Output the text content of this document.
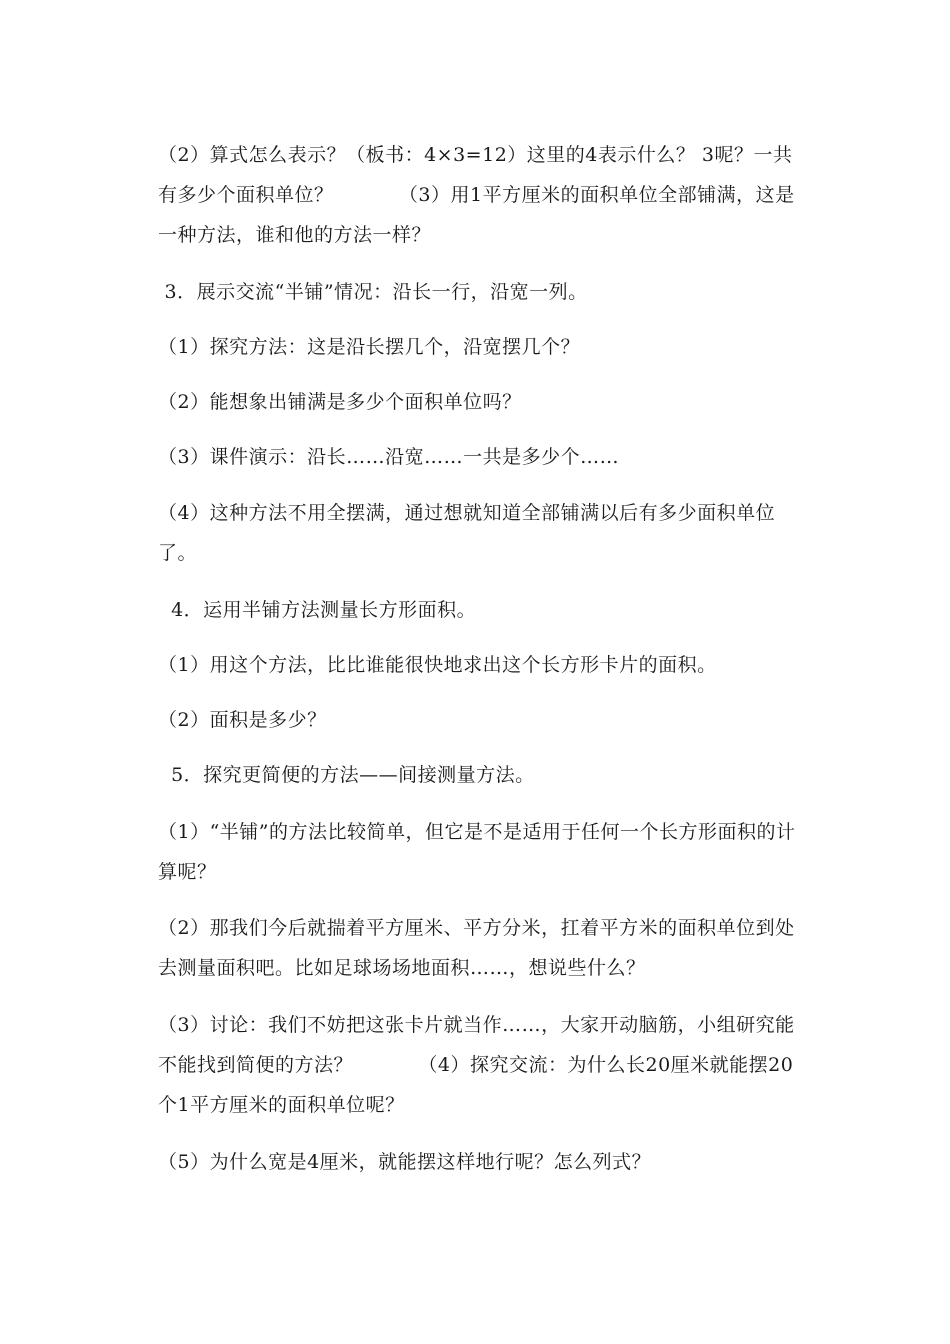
（2）算式怎么表示？（板书：4×3=12）这里的4表示什么？ 3呢？一共有多少个面积单位？          （3）用1平方厘米的面积单位全部铺满，这是一种方法，谁和他的方法一样？
3．展示交流“半铺”情况：沿长一行，沿宽一列。
（1）探究方法：这是沿长摆几个，沿宽摆几个？
（2）能想象出铺满是多少个面积单位吗？
（3）课件演示：沿长……沿宽……一共是多少个……
（4）这种方法不用全摆满，通过想就知道全部铺满以后有多少面积单位了。
4．运用半铺方法测量长方形面积。
（1）用这个方法，比比谁能很快地求出这个长方形卡片的面积。
（2）面积是多少？
5．探究更简便的方法——间接测量方法。
（1）“半铺”的方法比较简单，但它是不是适用于任何一个长方形面积的计算呢？
（2）那我们今后就揣着平方厘米、平方分米，扛着平方米的面积单位到处去测量面积吧。比如足球场场地面积……，想说些什么？
（3）讨论：我们不妨把这张卡片就当作……，大家开动脑筋，小组研究能不能找到简便的方法？          （4）探究交流：为什么长20厘米就能摆20个1平方厘米的面积单位呢？
（5）为什么宽是4厘米，就能摆这样地行呢？怎么列式？
